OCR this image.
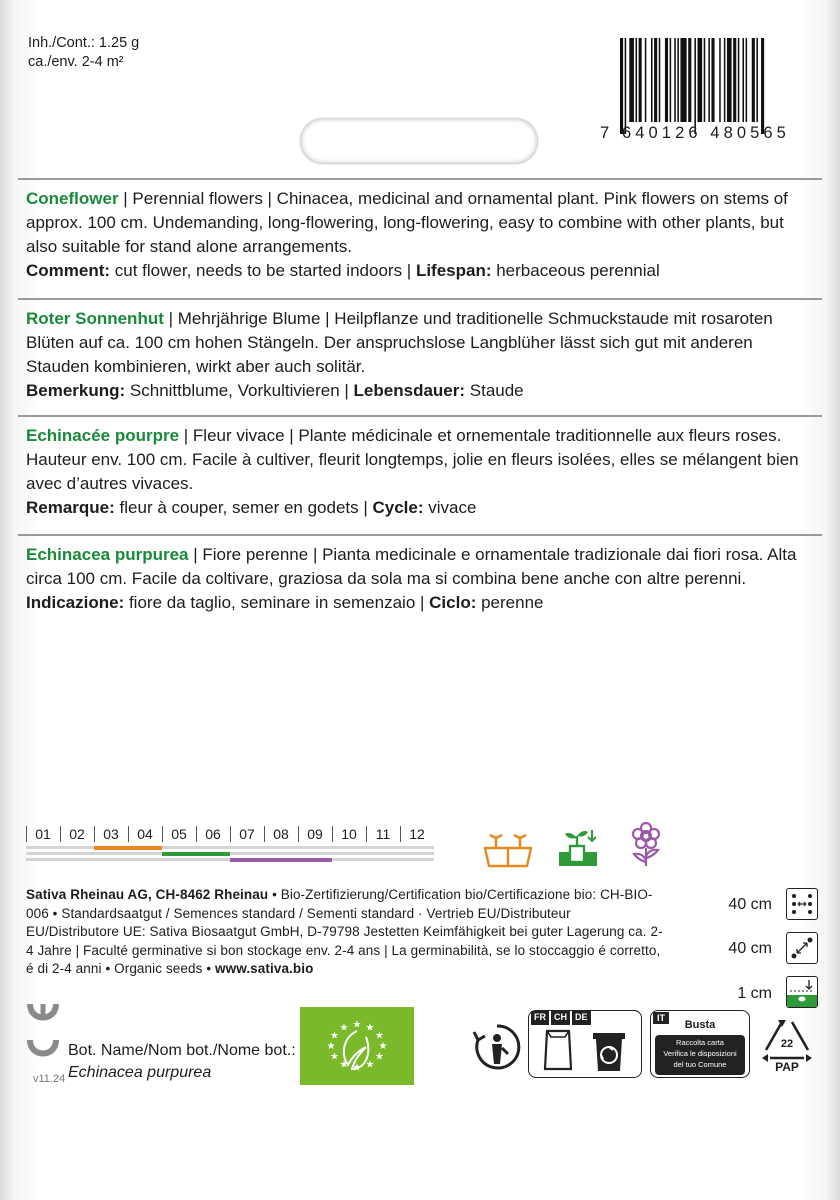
Inh./Cont.: 1.25 g
ca./env. 2-4 m²
7 640126 480565
Coneflower | Perennial flowers | Chinacea, medicinal and ornamental plant. Pink flowers on stems of approx. 100 cm. Undemanding, long-flowering, long-flowering, easy to combine with other plants, but also suitable for stand alone arrangements.
Comment: cut flower, needs to be started indoors | Lifespan: herbaceous perennial
Roter Sonnenhut | Mehrjährige Blume | Heilpflanze und traditionelle Schmuckstaude mit rosaroten Blüten auf ca. 100 cm hohen Stängeln. Der anspruchslose Langblüher lässt sich gut mit anderen Stauden kombinieren, wirkt aber auch solitär.
Bemerkung: Schnittblume, Vorkultivieren | Lebensdauer: Staude
Echinacée pourpre | Fleur vivace | Plante médicinale et ornementale traditionnelle aux fleurs roses. Hauteur env. 100 cm. Facile à cultiver, fleurit longtemps, jolie en fleurs isolées, elles se mélangent bien avec d’autres vivaces.
Remarque: fleur à couper, semer en godets | Cycle: vivace
Echinacea purpurea | Fiore perenne | Pianta medicinale e ornamentale tradizionale dai fiori rosa. Alta circa 100 cm. Facile da coltivare, graziosa da sola ma si combina bene anche con altre perenni.
Indicazione: fiore da taglio, seminare in semenzaio | Ciclo: perenne
01	02	03	04	05	06	07	08	09	10	11	12
Sativa Rheinau AG, CH-8462 Rheinau • Bio-Zertifizierung/Certification bio/Certificazione bio: CH-BIO-006 • Standardsaatgut / Semences standard / Sementi standard · Vertrieb EU/Distributeur EU/Distributore UE: Sativa Biosaatgut GmbH, D-79798 Jestetten Keimfähigkeit bei guter Lagerung ca. 2-4 Jahre | Faculté germinative si bon stockage env. 2-4 ans | La germinabilità, se lo stoccaggio é corretto, é di 2-4 anni • Organic seeds • www.sativa.bio
40 cm
40 cm
1 cm
v11.24
Bot. Name/Nom bot./Nome bot.:
Echinacea purpurea
★
★
★
★
★
★
★
★
★ ★ ★
★
FR CH DE	IT
Busta
Raccolta carta
Verifica le disposizioni
del tuo Comune
22
PAP
